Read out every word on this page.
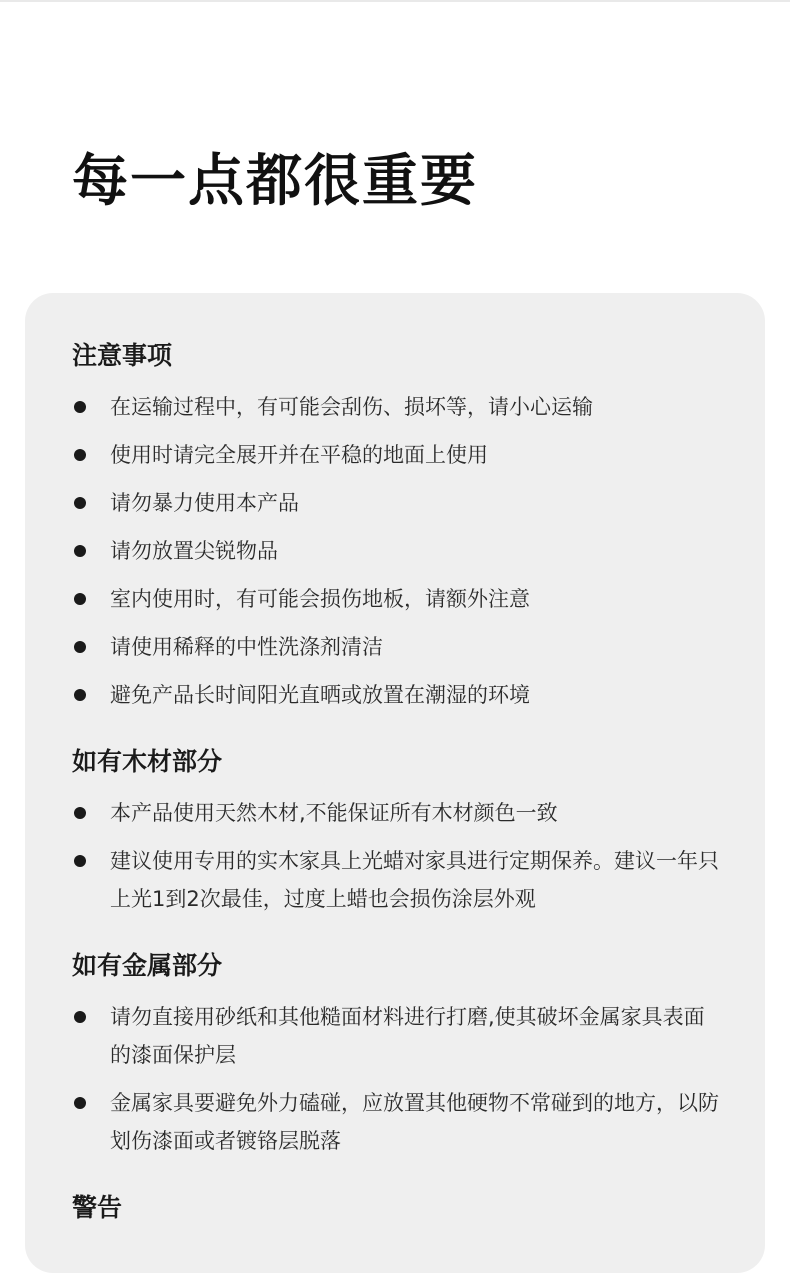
每一点都很重要
注意事项
在运输过程中，有可能会刮伤、损坏等，请小心运输
使用时请完全展开并在平稳的地面上使用
请勿暴力使用本产品
请勿放置尖锐物品
室内使用时，有可能会损伤地板，请额外注意
请使用稀释的中性洗涤剂清洁
避免产品长时间阳光直晒或放置在潮湿的环境
如有木材部分
本产品使用天然木材,不能保证所有木材颜色一致
建议使用专用的实木家具上光蜡对家具进行定期保养。建议一年只上光1到2次最佳，过度上蜡也会损伤涂层外观
如有金属部分
请勿直接用砂纸和其他糙面材料进行打磨,使其破坏金属家具表面的漆面保护层
金属家具要避免外力磕碰，应放置其他硬物不常碰到的地方，以防划伤漆面或者镀铬层脱落
警告
